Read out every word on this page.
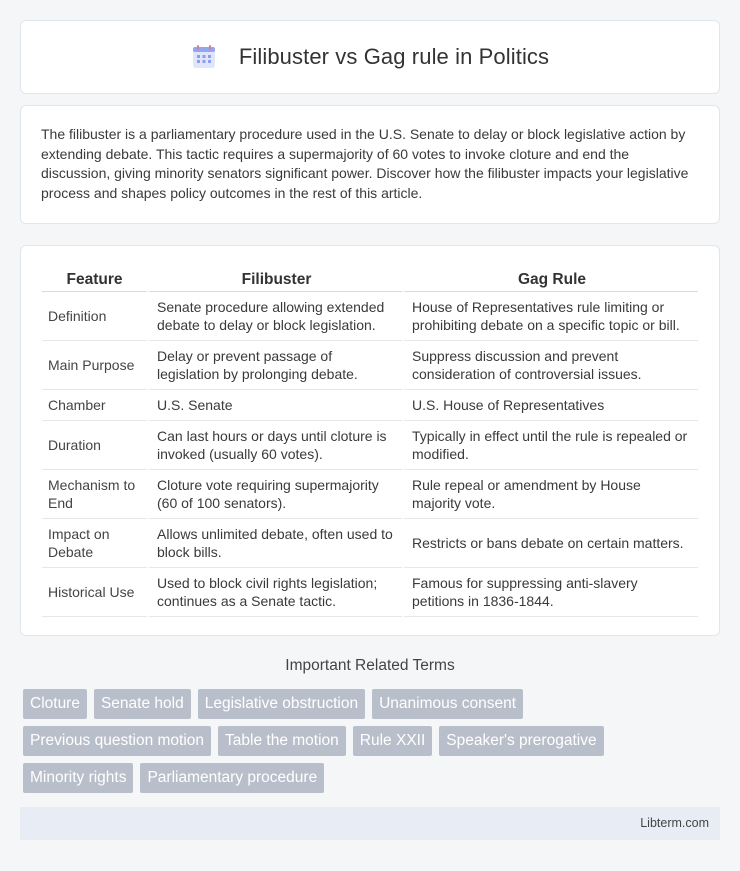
Filibuster vs Gag rule in Politics

The filibuster is a parliamentary procedure used in the U.S. Senate to delay or block legislative action by extending debate. This tactic requires a supermajority of 60 votes to invoke cloture and end the discussion, giving minority senators significant power. Discover how the filibuster impacts your legislative process and shapes policy outcomes in the rest of this article.

Feature	Filibuster	Gag Rule
Definition	Senate procedure allowing extended debate to delay or block legislation.	House of Representatives rule limiting or prohibiting debate on a specific topic or bill.
Main Purpose	Delay or prevent passage of legislation by prolonging debate.	Suppress discussion and prevent consideration of controversial issues.
Chamber	U.S. Senate	U.S. House of Representatives
Duration	Can last hours or days until cloture is invoked (usually 60 votes).	Typically in effect until the rule is repealed or modified.
Mechanism to End	Cloture vote requiring supermajority (60 of 100 senators).	Rule repeal or amendment by House majority vote.
Impact on Debate	Allows unlimited debate, often used to block bills.	Restricts or bans debate on certain matters.
Historical Use	Used to block civil rights legislation; continues as a Senate tactic.	Famous for suppressing anti-slavery petitions in 1836-1844.
Important Related Terms
Cloture	Senate hold	Legislative obstruction	Unanimous consent
Previous question motion	Table the motion	Rule XXII	Speaker's prerogative
Minority rights	Parliamentary procedure
Libterm.com
